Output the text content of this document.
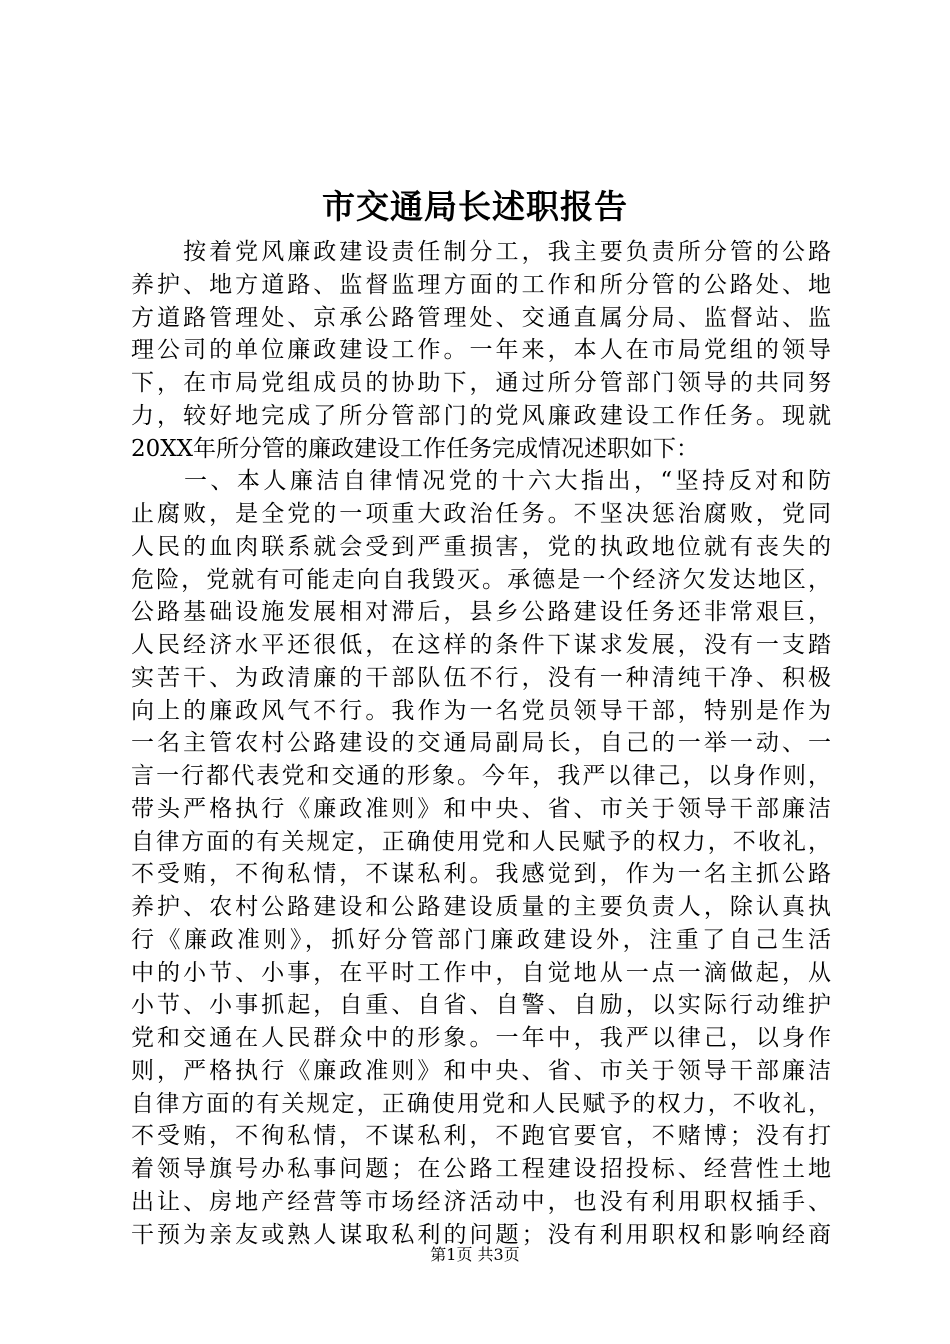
市交通局长述职报告
　　按着党风廉政建设责任制分工，我主要负责所分管的公路
养护、地方道路、监督监理方面的工作和所分管的公路处、地
方道路管理处、京承公路管理处、交通直属分局、监督站、监
理公司的单位廉政建设工作。一年来，本人在市局党组的领导
下，在市局党组成员的协助下，通过所分管部门领导的共同努
力，较好地完成了所分管部门的党风廉政建设工作任务。现就
20XX年所分管的廉政建设工作任务完成情况述职如下：
　　一、本人廉洁自律情况党的十六大指出，“坚持反对和防
止腐败，是全党的一项重大政治任务。不坚决惩治腐败，党同
人民的血肉联系就会受到严重损害，党的执政地位就有丧失的
危险，党就有可能走向自我毁灭。承德是一个经济欠发达地区，
公路基础设施发展相对滞后，县乡公路建设任务还非常艰巨，
人民经济水平还很低，在这样的条件下谋求发展，没有一支踏
实苦干、为政清廉的干部队伍不行，没有一种清纯干净、积极
向上的廉政风气不行。我作为一名党员领导干部，特别是作为
一名主管农村公路建设的交通局副局长，自己的一举一动、一
言一行都代表党和交通的形象。今年，我严以律己，以身作则，
带头严格执行《廉政准则》和中央、省、市关于领导干部廉洁
自律方面的有关规定，正确使用党和人民赋予的权力，不收礼，
不受贿，不徇私情，不谋私利。我感觉到，作为一名主抓公路
养护、农村公路建设和公路建设质量的主要负责人，除认真执
行《廉政准则》，抓好分管部门廉政建设外，注重了自己生活
中的小节、小事，在平时工作中，自觉地从一点一滴做起，从
小节、小事抓起，自重、自省、自警、自励，以实际行动维护
党和交通在人民群众中的形象。一年中，我严以律己，以身作
则，严格执行《廉政准则》和中央、省、市关于领导干部廉洁
自律方面的有关规定，正确使用党和人民赋予的权力，不收礼，
不受贿，不徇私情，不谋私利，不跑官要官，不赌博；没有打
着领导旗号办私事问题；在公路工程建设招投标、经营性土地
出让、房地产经营等市场经济活动中，也没有利用职权插手、
干预为亲友或熟人谋取私利的问题；没有利用职权和影响经商
第1页 共3页
